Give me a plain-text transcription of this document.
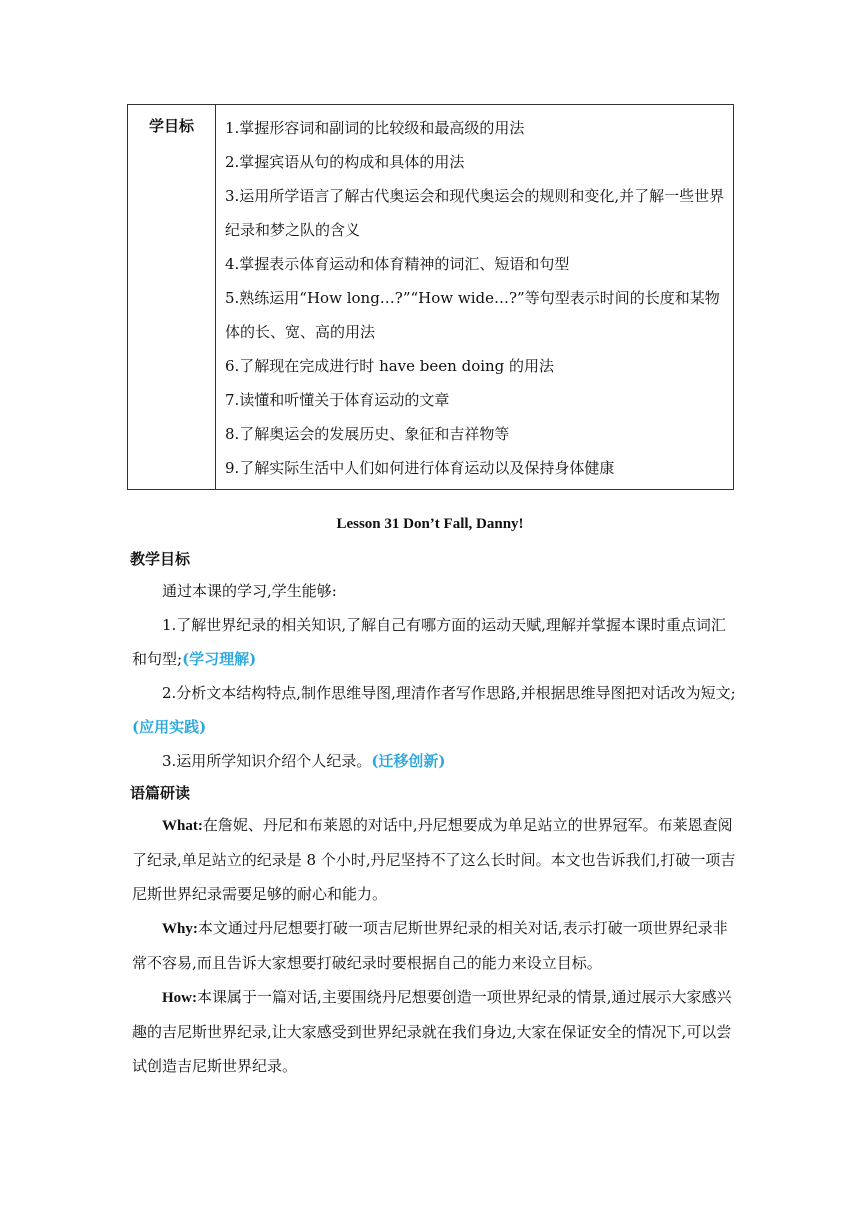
学目标	1.掌握形容词和副词的比较级和最高级的用法
2.掌握宾语从句的构成和具体的用法
3.运用所学语言了解古代奥运会和现代奥运会的规则和变化,并了解一些世界纪录和梦之队的含义
4.掌握表示体育运动和体育精神的词汇、短语和句型
5.熟练运用“How long…?”“How wide…?”等句型表示时间的长度和某物体的长、宽、高的用法
6.了解现在完成进行时 have been doing 的用法
7.读懂和听懂关于体育运动的文章
8.了解奥运会的发展历史、象征和吉祥物等
9.了解实际生活中人们如何进行体育运动以及保持身体健康
Lesson 31 Don’t Fall, Danny!
教学目标

通过本课的学习,学生能够:

1.了解世界纪录的相关知识,了解自己有哪方面的运动天赋,理解并掌握本课时重点词汇和句型;(学习理解)

2.分析文本结构特点,制作思维导图,理清作者写作思路,并根据思维导图把对话改为短文;(应用实践)

3.运用所学知识介绍个人纪录。(迁移创新)

语篇研读

What:在詹妮、丹尼和布莱恩的对话中,丹尼想要成为单足站立的世界冠军。布莱恩查阅了纪录,单足站立的纪录是 8 个小时,丹尼坚持不了这么长时间。本文也告诉我们,打破一项吉尼斯世界纪录需要足够的耐心和能力。

Why:本文通过丹尼想要打破一项吉尼斯世界纪录的相关对话,表示打破一项世界纪录非常不容易,而且告诉大家想要打破纪录时要根据自己的能力来设立目标。

How:本课属于一篇对话,主要围绕丹尼想要创造一项世界纪录的情景,通过展示大家感兴趣的吉尼斯世界纪录,让大家感受到世界纪录就在我们身边,大家在保证安全的情况下,可以尝试创造吉尼斯世界纪录。
